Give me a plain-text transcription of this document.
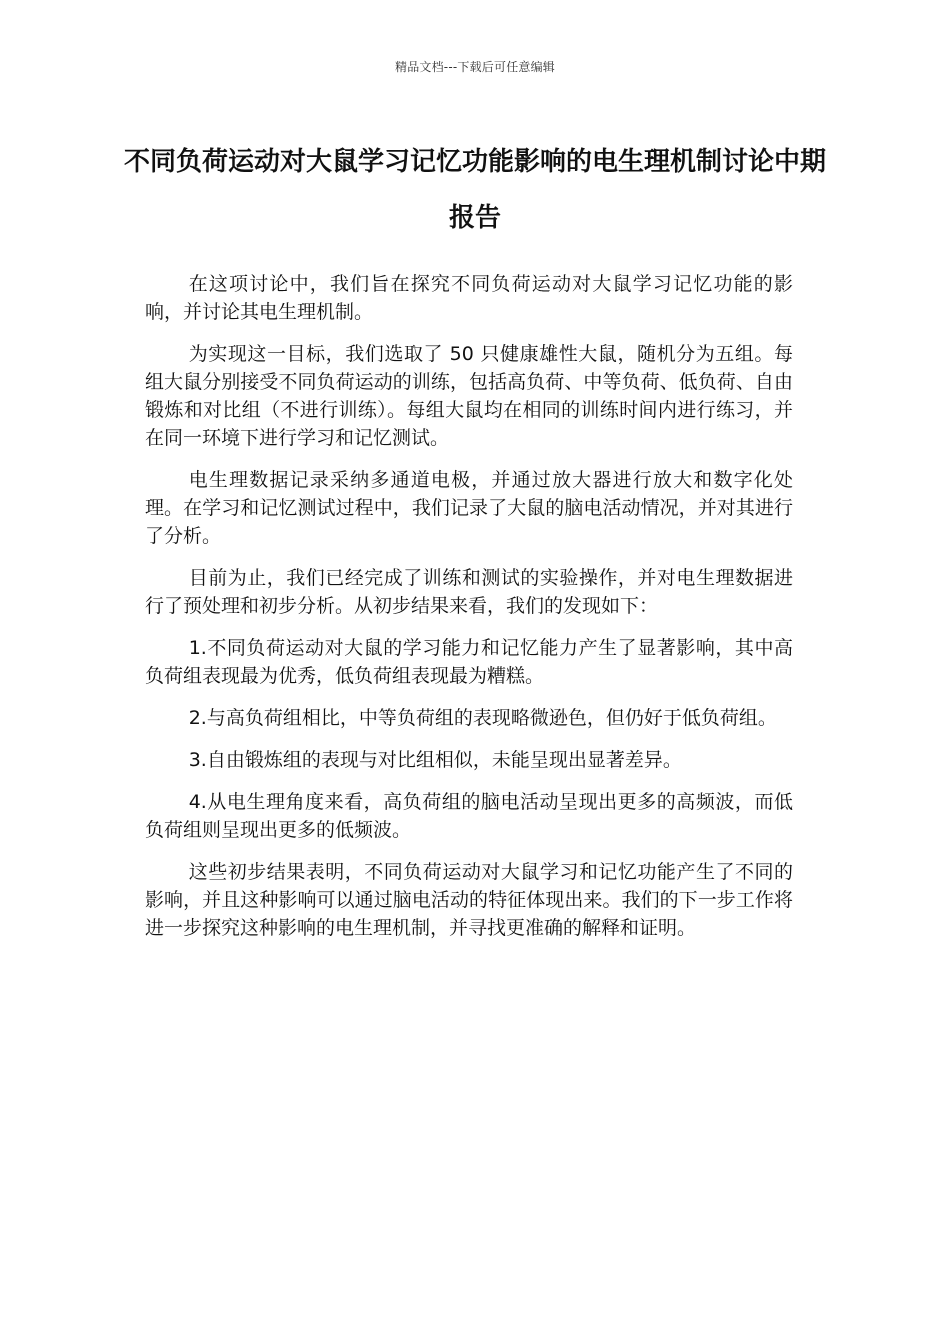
精品文档---下载后可任意编辑
不同负荷运动对大鼠学习记忆功能影响的电生理机制讨论中期报告

在这项讨论中，我们旨在探究不同负荷运动对大鼠学习记忆功能的影响，并讨论其电生理机制。

为实现这一目标，我们选取了 50 只健康雄性大鼠，随机分为五组。每组大鼠分别接受不同负荷运动的训练，包括高负荷、中等负荷、低负荷、自由锻炼和对比组（不进行训练）。每组大鼠均在相同的训练时间内进行练习，并在同一环境下进行学习和记忆测试。

电生理数据记录采纳多通道电极，并通过放大器进行放大和数字化处理。在学习和记忆测试过程中，我们记录了大鼠的脑电活动情况，并对其进行了分析。

目前为止，我们已经完成了训练和测试的实验操作，并对电生理数据进行了预处理和初步分析。从初步结果来看，我们的发现如下：

1.不同负荷运动对大鼠的学习能力和记忆能力产生了显著影响，其中高负荷组表现最为优秀，低负荷组表现最为糟糕。

2.与高负荷组相比，中等负荷组的表现略微逊色，但仍好于低负荷组。

3.自由锻炼组的表现与对比组相似，未能呈现出显著差异。

4.从电生理角度来看，高负荷组的脑电活动呈现出更多的高频波，而低负荷组则呈现出更多的低频波。

这些初步结果表明，不同负荷运动对大鼠学习和记忆功能产生了不同的影响，并且这种影响可以通过脑电活动的特征体现出来。我们的下一步工作将进一步探究这种影响的电生理机制，并寻找更准确的解释和证明。
